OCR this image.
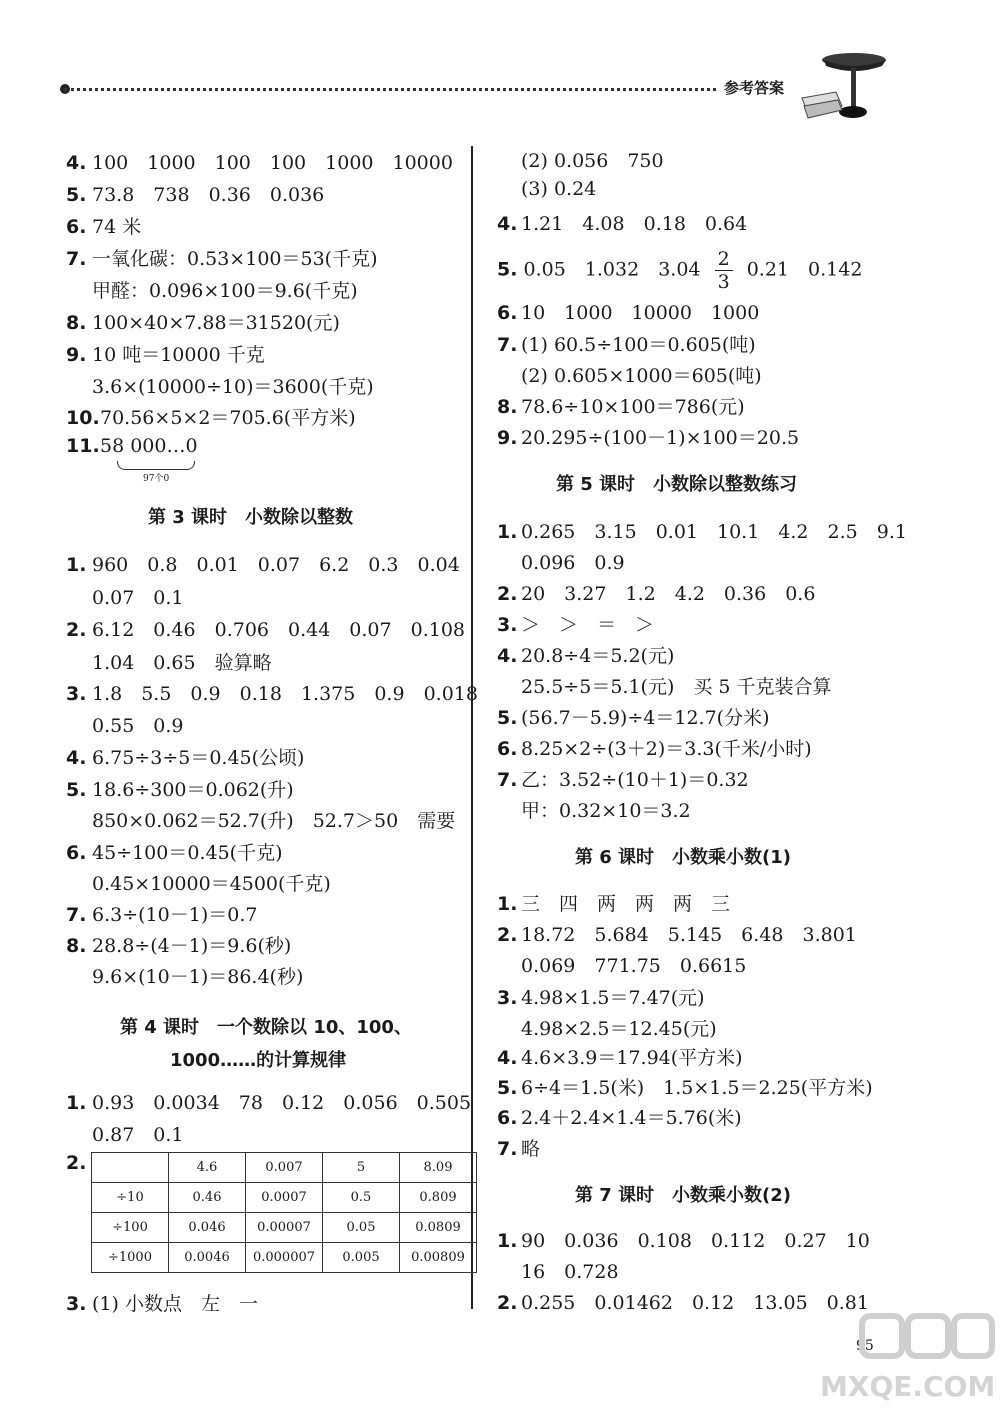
参考答案
4. 100　1000　100　100　1000　10000
5. 73.8　738　0.36　0.036
6. 74 米
7. 一氧化碳：0.53×100＝53(千克)
甲醛：0.096×100＝9.6(千克)
8. 100×40×7.88＝31520(元)
9. 10 吨＝10000 千克
3.6×(10000÷10)＝3600(千克)
10.70.56×5×2＝705.6(平方米)
11.58 000…0
1. 960　0.8　0.01　0.07　6.2　0.3　0.04
0.07　0.1
2. 6.12　0.46　0.706　0.44　0.07　0.108
1.04　0.65　验算略
3. 1.8　5.5　0.9　0.18　1.375　0.9　0.018
0.55　0.9
4. 6.75÷3÷5＝0.45(公顷)
5. 18.6÷300＝0.062(升)
850×0.062＝52.7(升)　52.7＞50　需要
6. 45÷100＝0.45(千克)
0.45×10000＝4500(千克)
7. 6.3÷(10－1)＝0.7
8. 28.8÷(4－1)＝9.6(秒)
9.6×(10－1)＝86.4(秒)
1. 0.93　0.0034　78　0.12　0.056　0.505
0.87　0.1
3. (1) 小数点　左　一
第 3 课时　小数除以整数
第 4 课时　一个数除以 10、100、
1000……的计算规律
97个0
2.
		4.6	0.007	5	8.09
÷10	0.46	0.0007	0.5	0.809
÷100	0.046	0.00007	0.05	0.0809
÷1000	0.0046	0.000007	0.005	0.00809
(2) 0.056　750
(3) 0.24
4. 1.21　4.08　0.18　0.64
6. 10　1000　10000　1000
7. (1) 60.5÷100＝0.605(吨)
(2) 0.605×1000＝605(吨)
8. 78.6÷10×100＝786(元)
9. 20.295÷(100－1)×100＝20.5
1. 0.265　3.15　0.01　10.1　4.2　2.5　9.1
0.096　0.9
2. 20　3.27　1.2　4.2　0.36　0.6
3. ＞　＞　＝　＞
4. 20.8÷4＝5.2(元)
25.5÷5＝5.1(元)　买 5 千克装合算
5. (56.7－5.9)÷4＝12.7(分米)
6. 8.25×2÷(3＋2)＝3.3(千米/小时)
7. 乙：3.52÷(10＋1)＝0.32
甲：0.32×10＝3.2
1. 三　四　两　两　两　三
2. 18.72　5.684　5.145　6.48　3.801
0.069　771.75　0.6615
3. 4.98×1.5＝7.47(元)
4.98×2.5＝12.45(元)
4. 4.6×3.9＝17.94(平方米)
5. 6÷4＝1.5(米)　1.5×1.5＝2.25(平方米)
6. 2.4＋2.4×1.4＝5.76(米)
7. 略
1. 90　0.036　0.108　0.112　0.27　10
16　0.728
2. 0.255　0.01462　0.12　13.05　0.81
第 5 课时　小数除以整数练习
第 6 课时　小数乘小数(1)
第 7 课时　小数乘小数(2)
5. 0.05　1.032　$3.04 \frac{2}{3} 0.21$　0.142
95
MXQE.COM
